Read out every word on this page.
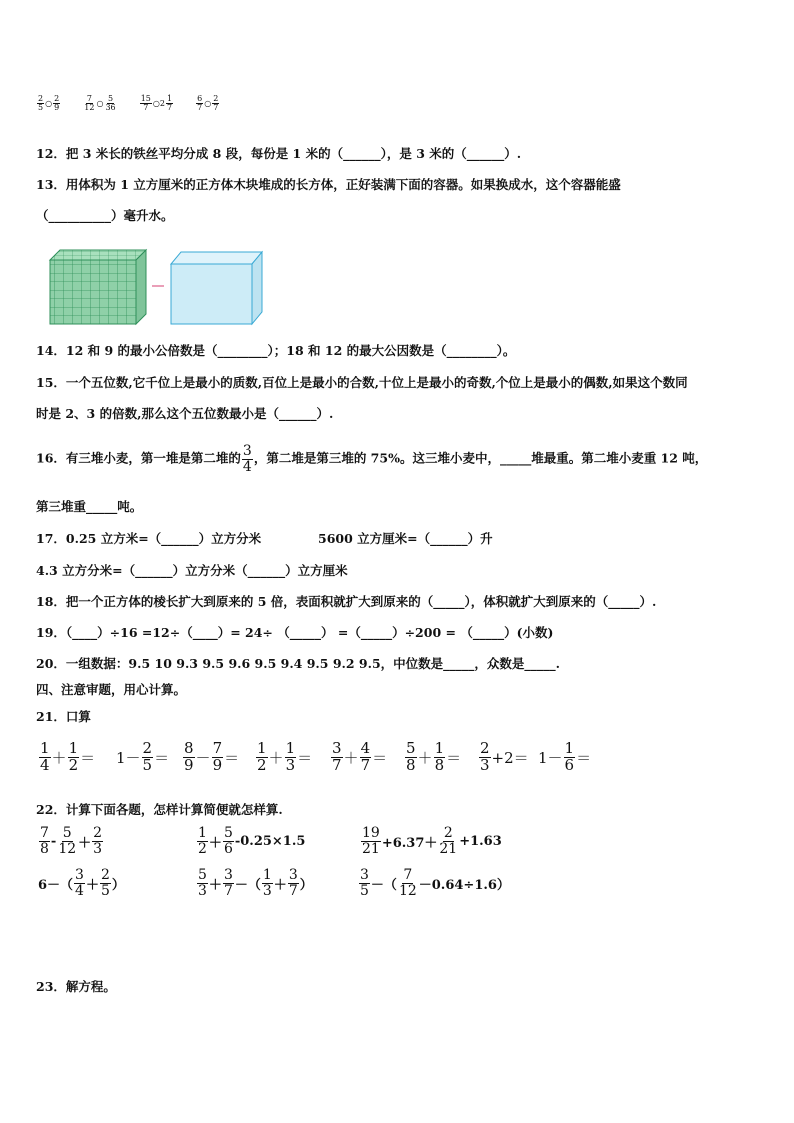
$\frac{2}{5}$ ○ $\frac{2}{9}$
	$\frac{7}{12}$ ○ $\frac{5}{36}$
	$\frac{15}{7}$ ○2 $\frac{1}{7}$
	$\frac{6}{7}$ ○ $\frac{2}{7}$
12．把 3 米长的铁丝平均分成 8 段，每份是 1 米的（______），是 3 米的（______）.
13．用体积为 1 立方厘米的正方体木块堆成的长方体，正好装满下面的容器。如果换成水，这个容器能盛
（__________）毫升水。
14．12 和 9 的最小公倍数是（________）；18 和 12 的最大公因数是（________）。
15．一个五位数,它千位上是最小的质数,百位上是最小的合数,十位上是最小的奇数,个位上是最小的偶数,如果这个数同
时是 2、3 的倍数,那么这个五位数最小是（______）.
16．有三堆小麦，第一堆是第二堆的 $\frac{3}{4}$ ，第二堆是第三堆的 75%。这三堆小麦中，_____堆最重。第二堆小麦重 12 吨，
第三堆重_____吨。
17．0.25 立方米=（______）立方分米	5600 立方厘米=（______）升
4.3 立方分米=（______）立方分米（______）立方厘米
18．把一个正方体的棱长扩大到原来的 5 倍，表面积就扩大到原来的（_____），体积就扩大到原来的（_____）.
19．（____）÷16 =12÷（____）= 24÷ （_____） =（_____）÷200 = （_____）(小数)
20．一组数据：9.5 10 9.3 9.5 9.6 9.5 9.4 9.5 9.2 9.5，中位数是_____，众数是_____.
四、注意审题，用心计算。
21．口算
$\frac{1}{4} + \frac{1}{2} = 1- \frac{2}{5} = \frac{8}{9} - \frac{7}{9} = \frac{1}{2} + \frac{1}{3} = \frac{3}{7} + \frac{4}{7} = \frac{5}{8} + \frac{1}{8} = \frac{2}{3} +2= 1- \frac{1}{6}$ ＝
22．计算下面各题，怎样计算简便就怎样算.
$\frac{7}{8} - \frac{5}{12} + \frac{2}{3}$	$\frac{1}{2} + \frac{5}{6} -0.25\times 1.5$	$\frac{19}{21} +6.37+ \frac{2}{21} +1.63$
$6-( \frac{3}{4} + \frac{2}{5}$ ）	$\frac{5}{3} + \frac{3}{7}$ －（ $\frac{1}{3} + \frac{3}{7}$ ）	$\frac{3}{5}$ －（ $\frac{7}{12} -0.64\div 1.6$）
23．解方程。
